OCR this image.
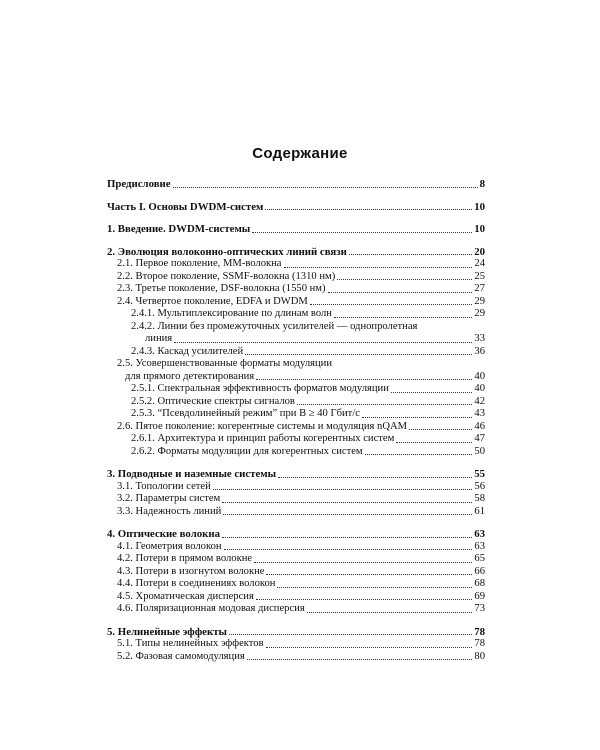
Содержание
Предисловие	8
Часть I. Основы DWDM-систем	10
1. Введение. DWDM-системы	10
2. Эволюция волоконно-оптических линий связи	20
2.1. Первое поколение, ММ-волокна	24
2.2. Второе поколение, SSMF-волокна (1310 нм)	25
2.3. Третье поколение, DSF-волокна (1550 нм)	27
2.4. Четвертое поколение, EDFA и DWDM	29
2.4.1. Мультиплексирование по длинам волн	29
2.4.2. Линии без промежуточных усилителей — однопролетная
линия	33
2.4.3. Каскад усилителей	36
2.5. Усовершенствованные форматы модуляции
для прямого детектирования	40
2.5.1. Спектральная эффективность форматов модуляции	40
2.5.2. Оптические спектры сигналов	42
2.5.3. “Псевдолинейный режим” при B ≥ 40 Гбит/с	43
2.6. Пятое поколение: когерентные системы и модуляция nQAM	46
2.6.1. Архитектура и принцип работы когерентных систем	47
2.6.2. Форматы модуляции для когерентных систем	50
3. Подводные и наземные системы	55
3.1. Топологии сетей	56
3.2. Параметры систем	58
3.3. Надежность линий	61
4. Оптические волокна	63
4.1. Геометрия волокон	63
4.2. Потери в прямом волокне	65
4.3. Потери в изогнутом волокне	66
4.4. Потери в соединениях волокон	68
4.5. Хроматическая дисперсия	69
4.6. Поляризационная модовая дисперсия	73
5. Нелинейные эффекты	78
5.1. Типы нелинейных эффектов	78
5.2. Фазовая самомодуляция	80
